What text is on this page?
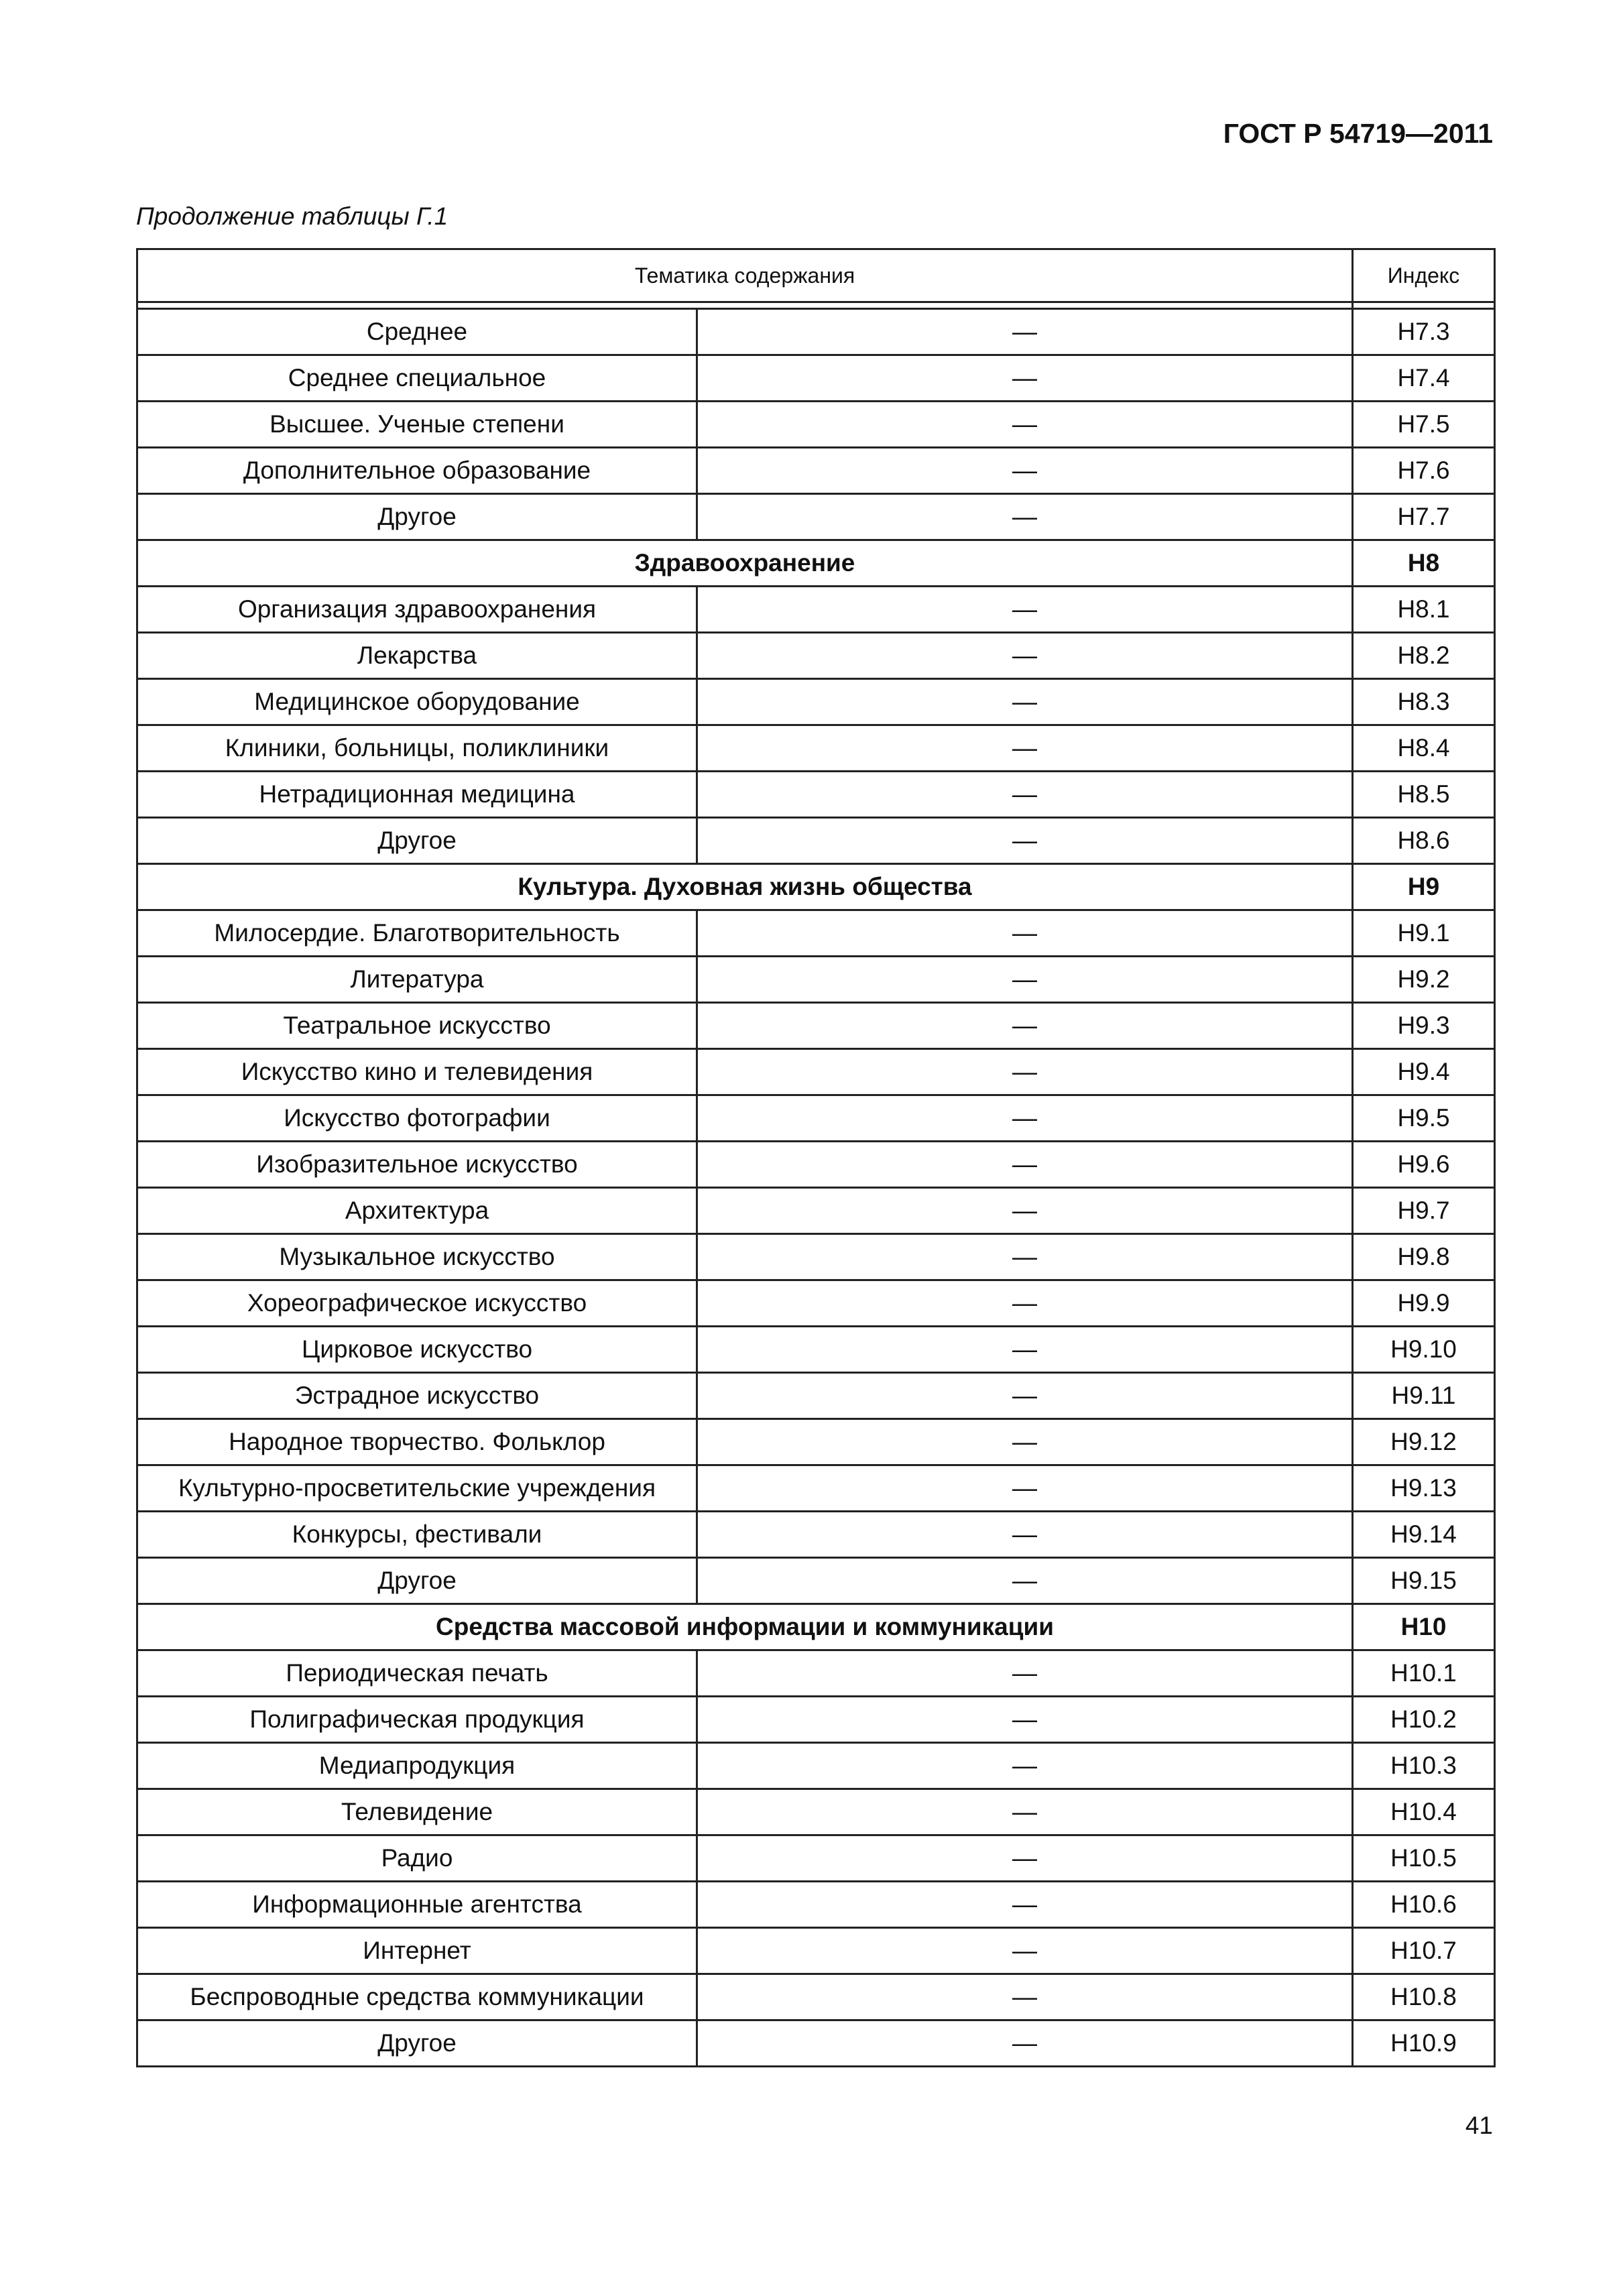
ГОСТ Р 54719—2011
Продолжение таблицы Г.1
Тематика содержания		Индекс

Среднее	—	H7.3
Среднее специальное	—	H7.4
Высшее. Ученые степени	—	H7.5
Дополнительное образование	—	H7.6
Другое	—	H7.7
Здравоохранение		H8
Организация здравоохранения	—	H8.1
Лекарства	—	H8.2
Медицинское оборудование	—	H8.3
Клиники, больницы, поликлиники	—	H8.4
Нетрадиционная медицина	—	H8.5
Другое	—	H8.6
Культура. Духовная жизнь общества		H9
Милосердие. Благотворительность	—	H9.1
Литература	—	H9.2
Театральное искусство	—	H9.3
Искусство кино и телевидения	—	H9.4
Искусство фотографии	—	H9.5
Изобразительное искусство	—	H9.6
Архитектура	—	H9.7
Музыкальное искусство	—	H9.8
Хореографическое искусство	—	H9.9
Цирковое искусство	—	H9.10
Эстрадное искусство	—	H9.11
Народное творчество. Фольклор	—	H9.12
Культурно-просветительские учреждения	—	H9.13
Конкурсы, фестивали	—	H9.14
Другое	—	H9.15
Средства массовой информации и коммуникации		H10
Периодическая печать	—	H10.1
Полиграфическая продукция	—	H10.2
Медиапродукция	—	H10.3
Телевидение	—	H10.4
Радио	—	H10.5
Информационные агентства	—	H10.6
Интернет	—	H10.7
Беспроводные средства коммуникации	—	H10.8
Другое	—	H10.9
41
